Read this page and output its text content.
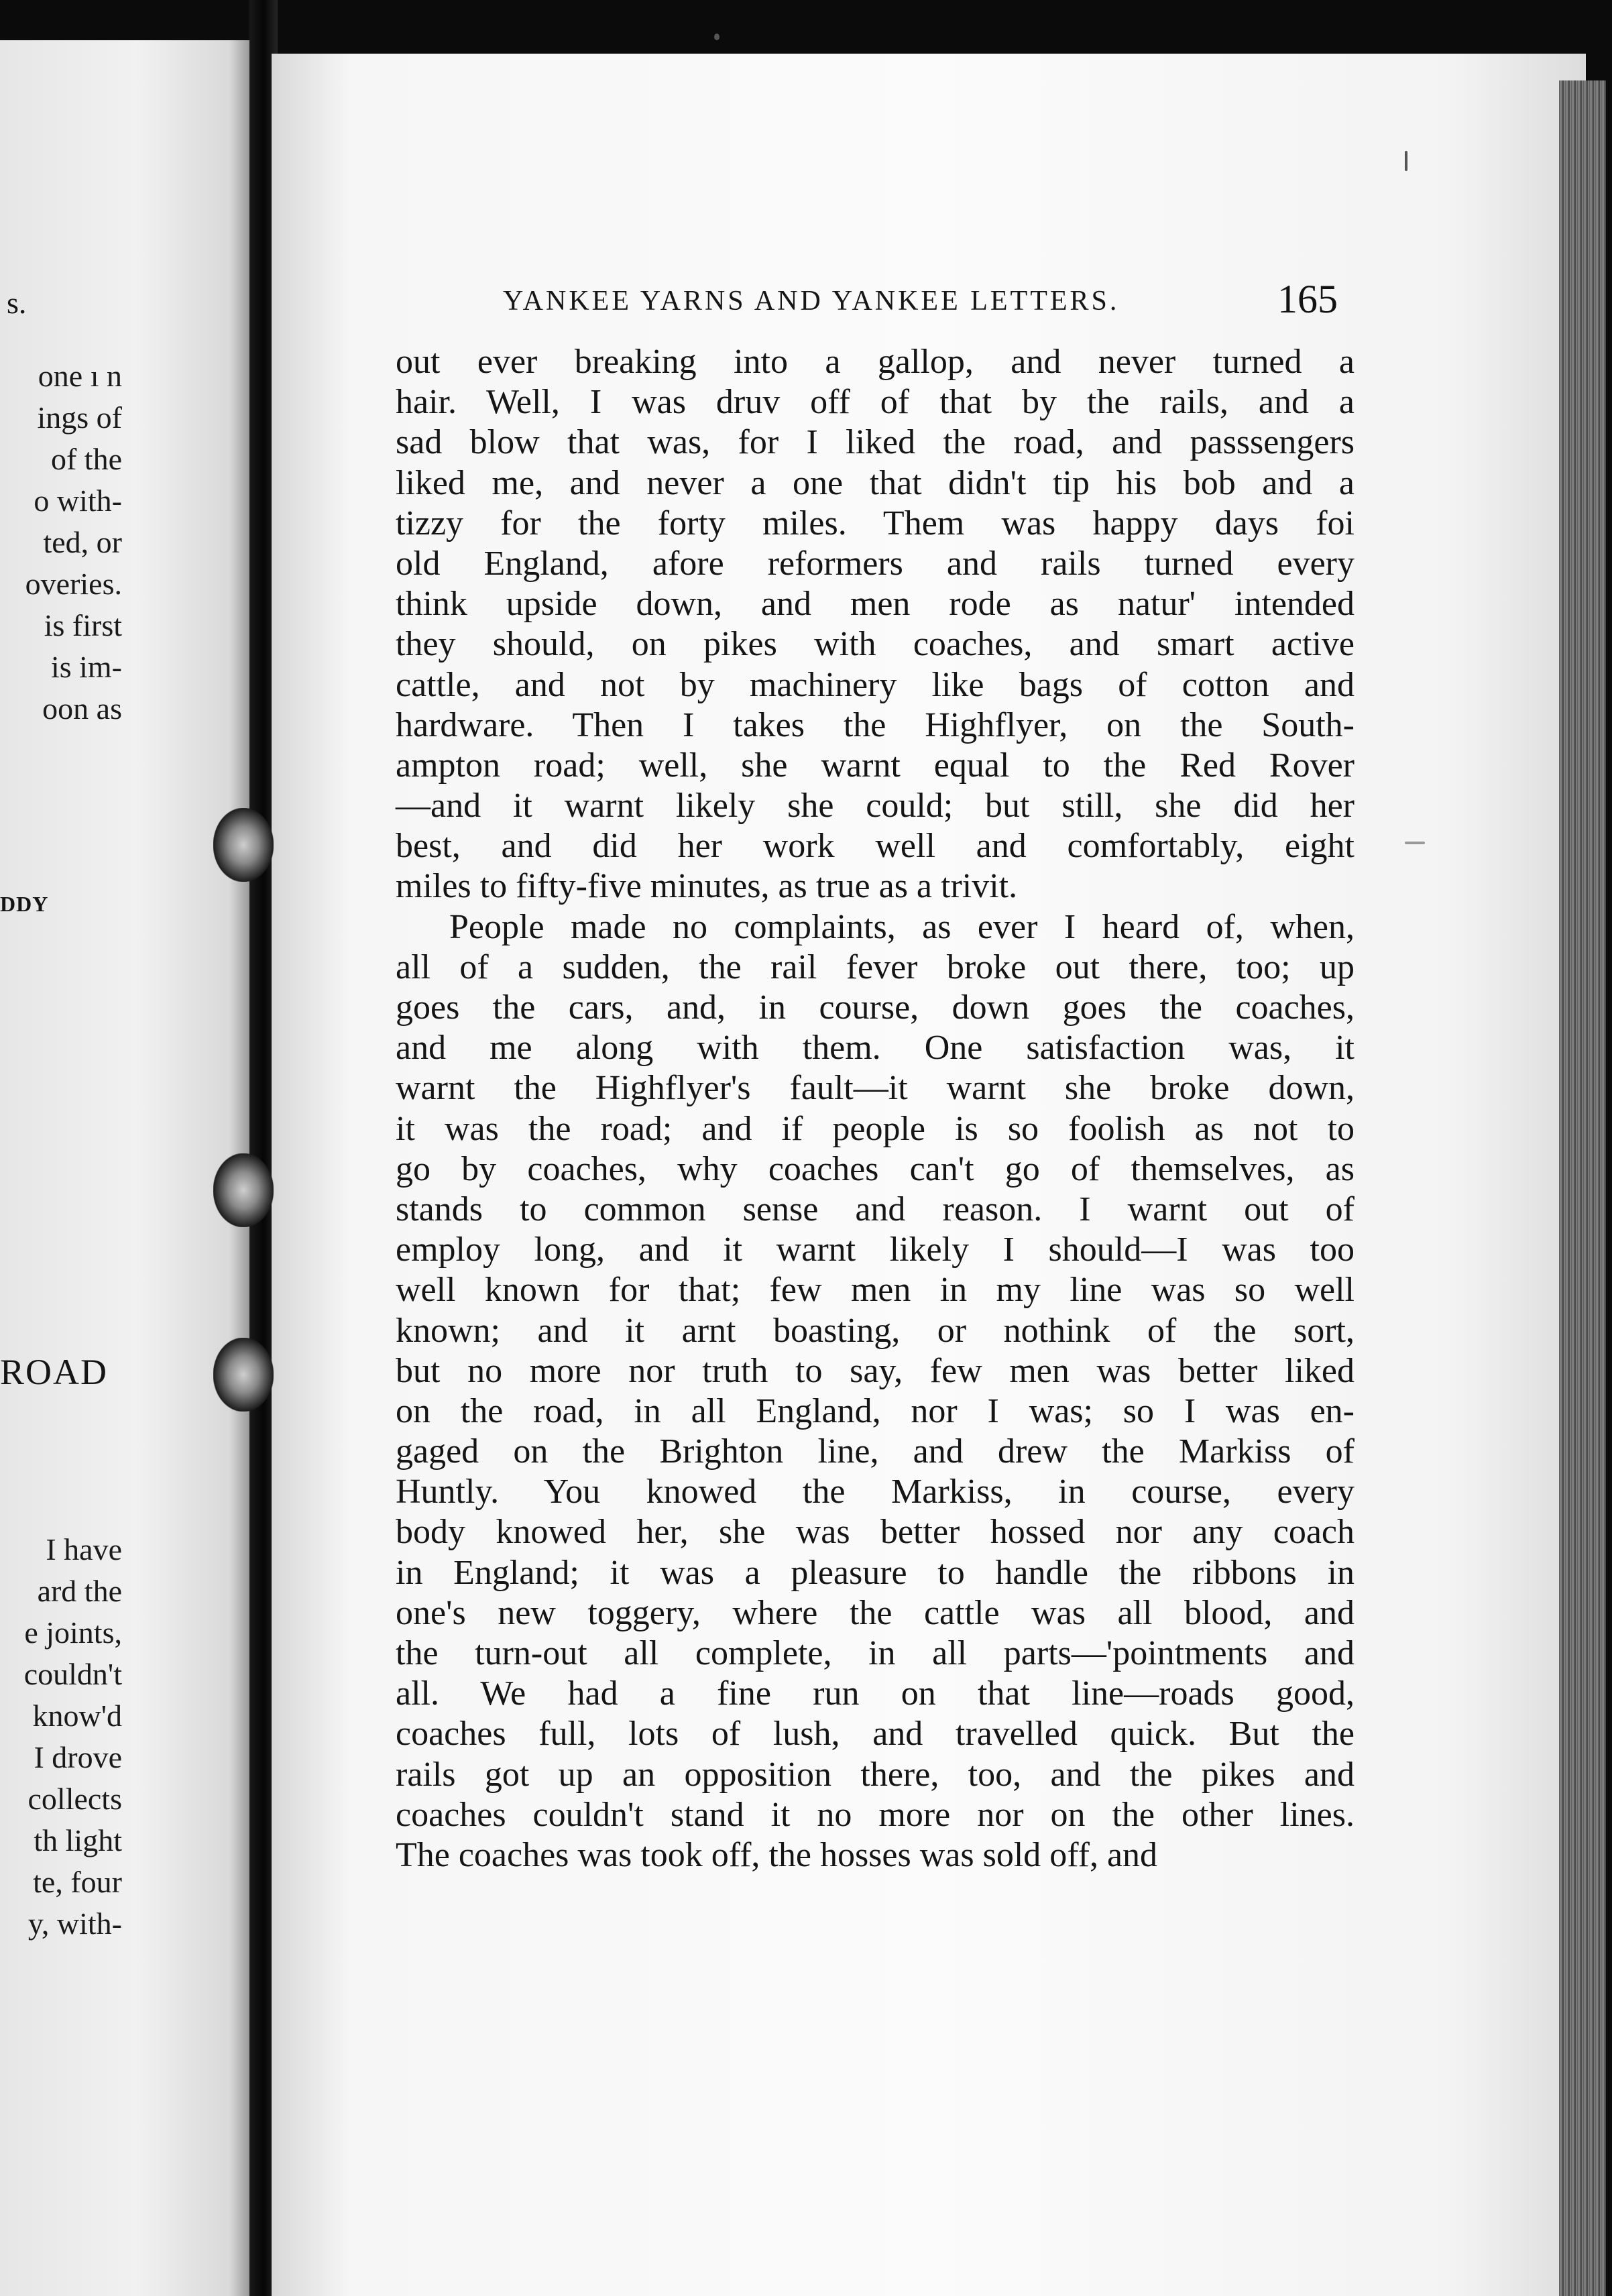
s.
one ı n
ings of
of the
o with-
ted, or
overies.
is first
is im-
oon as
DDY
ROAD
I have
ard the
e joints,
couldn't
know'd
I drove
collects
th light
te, four
y, with-
YANKEE YARNS AND YANKEE LETTERS.	165
out ever breaking into a gallop, and never turned a
hair. Well, I was druv off of that by the rails, and a
sad blow that was, for I liked the road, and passsengers
liked me, and never a one that didn't tip his bob and a
tizzy for the forty miles. Them was happy days foi
old England, afore reformers and rails turned every
think upside down, and men rode as natur' intended
they should, on pikes with coaches, and smart active
cattle, and not by machinery like bags of cotton and
hardware. Then I takes the Highflyer, on the South-
ampton road; well, she warnt equal to the Red Rover
—and it warnt likely she could; but still, she did her
best, and did her work well and comfortably, eight
miles to fifty-five minutes, as true as a trivit.
People made no complaints, as ever I heard of, when,
all of a sudden, the rail fever broke out there, too; up
goes the cars, and, in course, down goes the coaches,
and me along with them. One satisfaction was, it
warnt the Highflyer's fault—it warnt she broke down,
it was the road; and if people is so foolish as not to
go by coaches, why coaches can't go of themselves, as
stands to common sense and reason. I warnt out of
employ long, and it warnt likely I should—I was too
well known for that; few men in my line was so well
known; and it arnt boasting, or nothink of the sort,
but no more nor truth to say, few men was better liked
on the road, in all England, nor I was; so I was en-
gaged on the Brighton line, and drew the Markiss of
Huntly. You knowed the Markiss, in course, every
body knowed her, she was better hossed nor any coach
in England; it was a pleasure to handle the ribbons in
one's new toggery, where the cattle was all blood, and
the turn-out all complete, in all parts—'pointments and
all. We had a fine run on that line—roads good,
coaches full, lots of lush, and travelled quick. But the
rails got up an opposition there, too, and the pikes and
coaches couldn't stand it no more nor on the other lines.
The coaches was took off, the hosses was sold off, and
